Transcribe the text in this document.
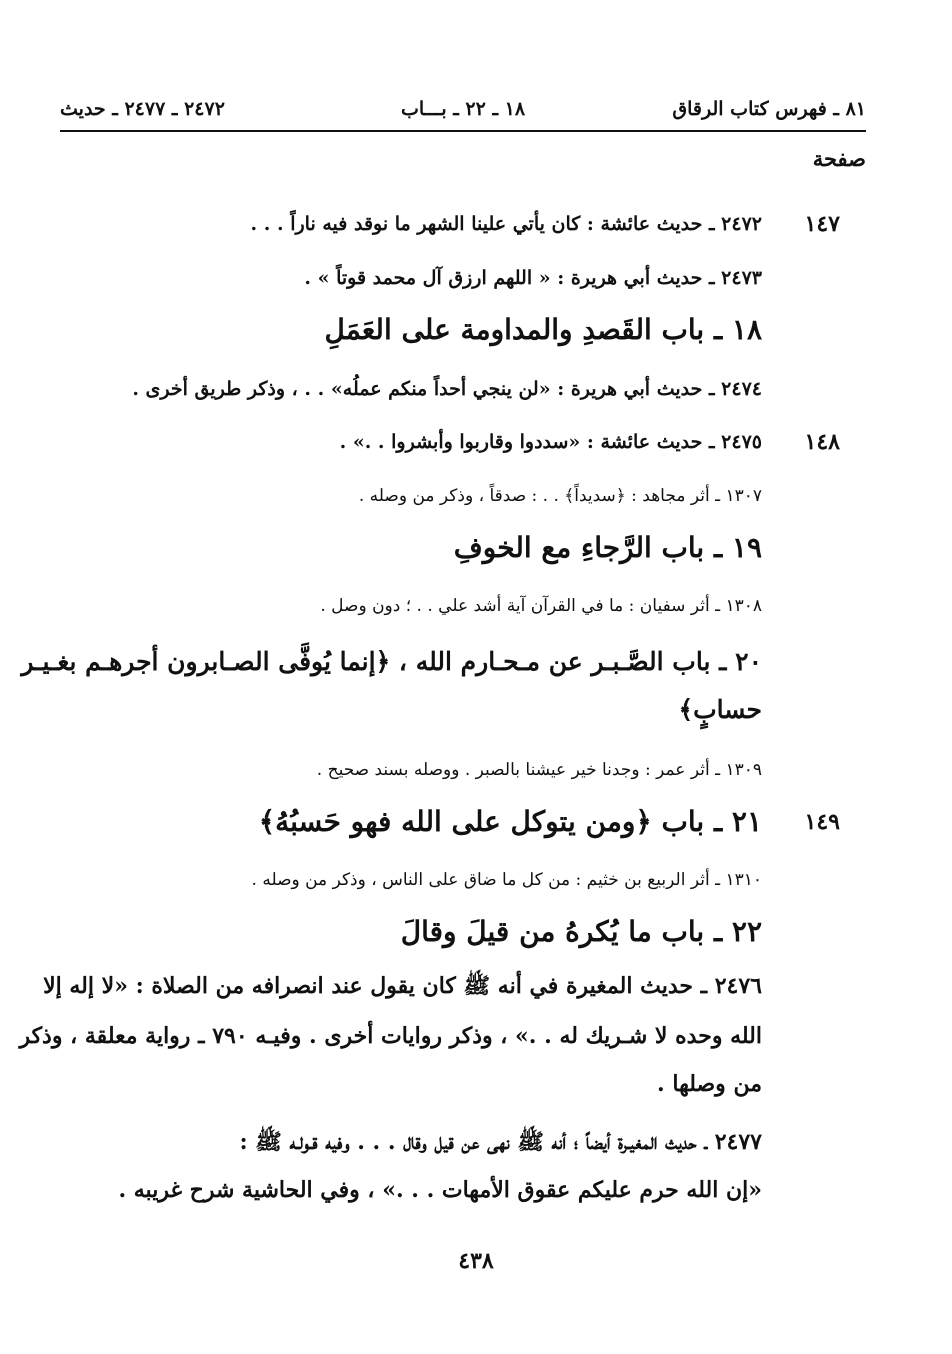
٨١ ـ فهرس كتاب الرقاق
١٨ ـ ٢٢ ـ بـــاب
٢٤٧٢ ـ ٢٤٧٧ ـ حديث
صفحة
١٤٧
٢٤٧٢ ـ حديث عائشة : كان يأتي علينا الشهر ما نوقد فيه ناراً . . .
٢٤٧٣ ـ حديث أبي هريرة : « اللهم ارزق آل محمد قوتاً » .
١٨ ـ باب القَصدِ والمداومة على العَمَلِ
٢٤٧٤ ـ حديث أبي هريرة : «لن ينجي أحداً منكم عملُه» . . ، وذكر طريق أخرى .
١٤٨
٢٤٧٥ ـ حديث عائشة : «سددوا وقاربوا وأبشروا . .» .
١٣٠٧ ـ أثر مجاهد : ﴿سديداً﴾ . . : صدقاً ، وذكر من وصله .
١٩ ـ باب الرَّجاءِ مع الخوفِ
١٣٠٨ ـ أثر سفيان : ما في القرآن آية أشد علي . . ؛ دون وصل .
٢٠ ـ باب الصَّـبـر عن مـحـارم الله ، ﴿إنما يُوفَّى الصـابرون أجرهـم بغـيـر
حسابٍ﴾
١٣٠٩ ـ أثر عمر : وجدنا خير عيشنا بالصبر . ووصله بسند صحيح .
١٤٩
٢١ ـ باب ﴿ومن يتوكل على الله فهو حَسبُهُ﴾
١٣١٠ ـ أثر الربيع بن خثيم : من كل ما ضاق على الناس ، وذكر من وصله .
٢٢ ـ باب ما يُكرهُ من قيلَ وقالَ
٢٤٧٦ ـ حديث المغيرة في أنه ﷺ كان يقول عند انصرافه من الصلاة : «لا إله إلا
الله وحده لا شـريك له . .» ، وذكر روايات أخرى . وفيـه ٧٩٠ ـ رواية معلقة ، وذكر
من وصلها .
٢٤٧٧ ـ حديث المغيـرة أيضاً ؛ أنه ﷺ نهى عن قيل وقال . . . وفيه قـولـه ﷺ :
«إن الله حرم عليكم عقوق الأمهات . . .» ، وفي الحاشية شرح غريبه .
٤٣٨
